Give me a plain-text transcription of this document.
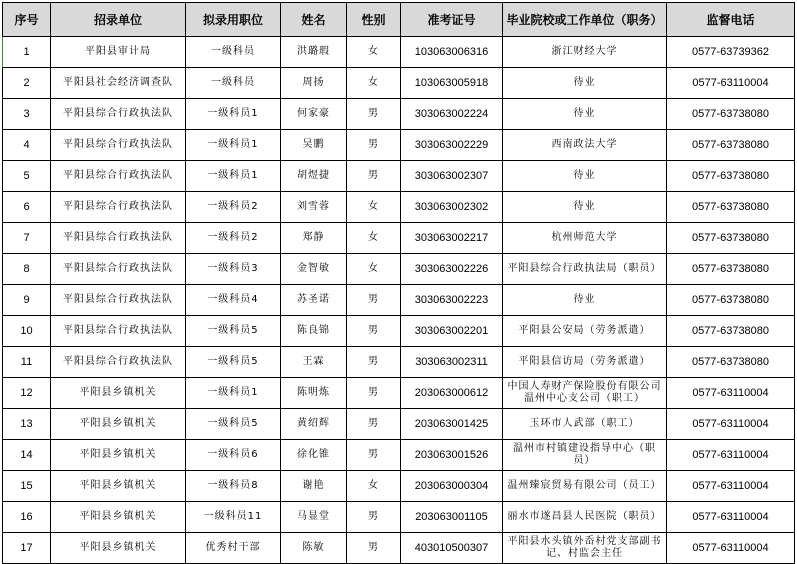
序号	招录单位	拟录用职位	姓名	性别	准考证号	毕业院校或工作单位（职务）	监督电话
1	平阳县审计局	一级科员	洪璐瑕	女	103063006316	浙江财经大学	0577-63739362
2	平阳县社会经济调查队	一级科员	周扬	女	103063005918	待业	0577-63110004
3	平阳县综合行政执法队	一级科员1	何家豪	男	303063002224	待业	0577-63738080
4	平阳县综合行政执法队	一级科员1	吴鹏	男	303063002229	西南政法大学	0577-63738080
5	平阳县综合行政执法队	一级科员1	胡煜捷	男	303063002307	待业	0577-63738080
6	平阳县综合行政执法队	一级科员2	刘雪蓉	女	303063002302	待业	0577-63738080
7	平阳县综合行政执法队	一级科员2	郑静	女	303063002217	杭州师范大学	0577-63738080
8	平阳县综合行政执法队	一级科员3	金智敏	女	303063002226	平阳县综合行政执法局（职员）	0577-63738080
9	平阳县综合行政执法队	一级科员4	苏圣诺	男	303063002223	待业	0577-63738080
10	平阳县综合行政执法队	一级科员5	陈良锦	男	303063002201	平阳县公安局（劳务派遣）	0577-63738080
11	平阳县综合行政执法队	一级科员5	王霖	男	303063002311	平阳县信访局（劳务派遣）	0577-63738080
12	平阳县乡镇机关	一级科员1	陈明炼	男	203063000612	中国人寿财产保险股份有限公司温州中心支公司（职工）	0577-63110004
13	平阳县乡镇机关	一级科员5	黄绍辉	男	203063001425	玉环市人武部（职工）	0577-63110004
14	平阳县乡镇机关	一级科员6	徐化锥	男	203063001526	温州市村镇建设指导中心（职员）	0577-63110004
15	平阳县乡镇机关	一级科员8	谢艳	女	203063000304	温州臻宸贸易有限公司（员工）	0577-63110004
16	平阳县乡镇机关	一级科员11	马显堂	男	203063001105	丽水市遂昌县人民医院（职员）	0577-63110004
17	平阳县乡镇机关	优秀村干部	陈敏	男	403010500307	平阳县水头镇外岙村党支部副书记、村监会主任	0577-63110004
